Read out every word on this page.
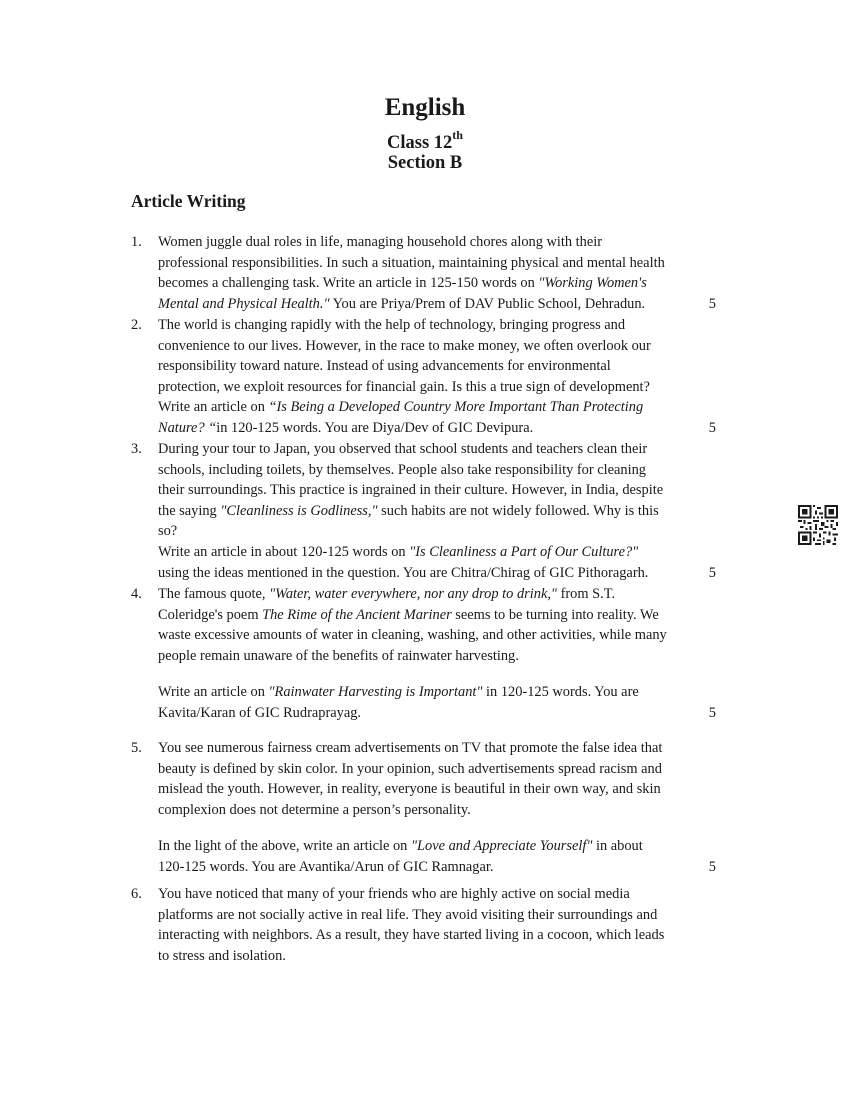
English
Class 12th
Section B
Article Writing
1. Women juggle dual roles in life, managing household chores along with their
professional responsibilities. In such a situation, maintaining physical and mental health
becomes a challenging task. Write an article in 125-150 words on "Working Women's
Mental and Physical Health." You are Priya/Prem of DAV Public School, Dehradun.	5
2. The world is changing rapidly with the help of technology, bringing progress and
convenience to our lives. However, in the race to make money, we often overlook our
responsibility toward nature. Instead of using advancements for environmental
protection, we exploit resources for financial gain. Is this a true sign of development?
Write an article on “Is Being a Developed Country More Important Than Protecting
Nature? “in 120-125 words. You are Diya/Dev of GIC Devipura.	5
3. During your tour to Japan, you observed that school students and teachers clean their
schools, including toilets, by themselves. People also take responsibility for cleaning
their surroundings. This practice is ingrained in their culture. However, in India, despite
the saying "Cleanliness is Godliness," such habits are not widely followed. Why is this
so?
Write an article in about 120-125 words on "Is Cleanliness a Part of Our Culture?"
using the ideas mentioned in the question. You are Chitra/Chirag of GIC Pithoragarh.	5
4. The famous quote, "Water, water everywhere, nor any drop to drink," from S.T.
Coleridge's poem The Rime of the Ancient Mariner seems to be turning into reality. We
waste excessive amounts of water in cleaning, washing, and other activities, while many
people remain unaware of the benefits of rainwater harvesting.
Write an article on "Rainwater Harvesting is Important" in 120-125 words. You are
Kavita/Karan of GIC Rudraprayag.	5
5. You see numerous fairness cream advertisements on TV that promote the false idea that
beauty is defined by skin color. In your opinion, such advertisements spread racism and
mislead the youth. However, in reality, everyone is beautiful in their own way, and skin
complexion does not determine a person’s personality.
In the light of the above, write an article on "Love and Appreciate Yourself" in about
120-125 words. You are Avantika/Arun of GIC Ramnagar.	5
6. You have noticed that many of your friends who are highly active on social media
platforms are not socially active in real life. They avoid visiting their surroundings and
interacting with neighbors. As a result, they have started living in a cocoon, which leads
to stress and isolation.
